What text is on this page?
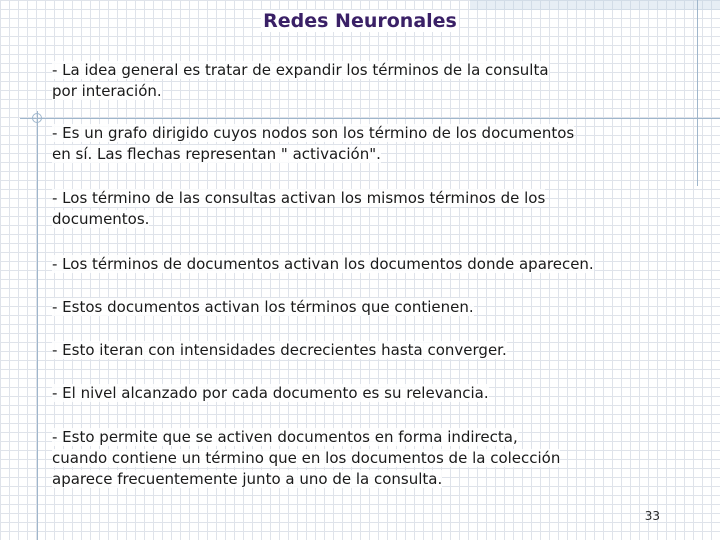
Redes Neuronales

- La idea general es tratar de expandir los términos de la consulta
por interación.

- Es un grafo dirigido cuyos nodos son los término de los documentos
en sí. Las flechas representan " activación".

- Los término de las consultas activan los mismos términos de los
documentos.

- Los términos de documentos activan los documentos donde aparecen.

- Estos documentos activan los términos que contienen.

- Esto iteran con intensidades decrecientes hasta converger.

- El nivel alcanzado por cada documento es su relevancia.

- Esto permite que se activen documentos en forma indirecta,
cuando contiene un término que en los documentos de la colección
aparece frecuentemente junto a uno de la consulta.

33
